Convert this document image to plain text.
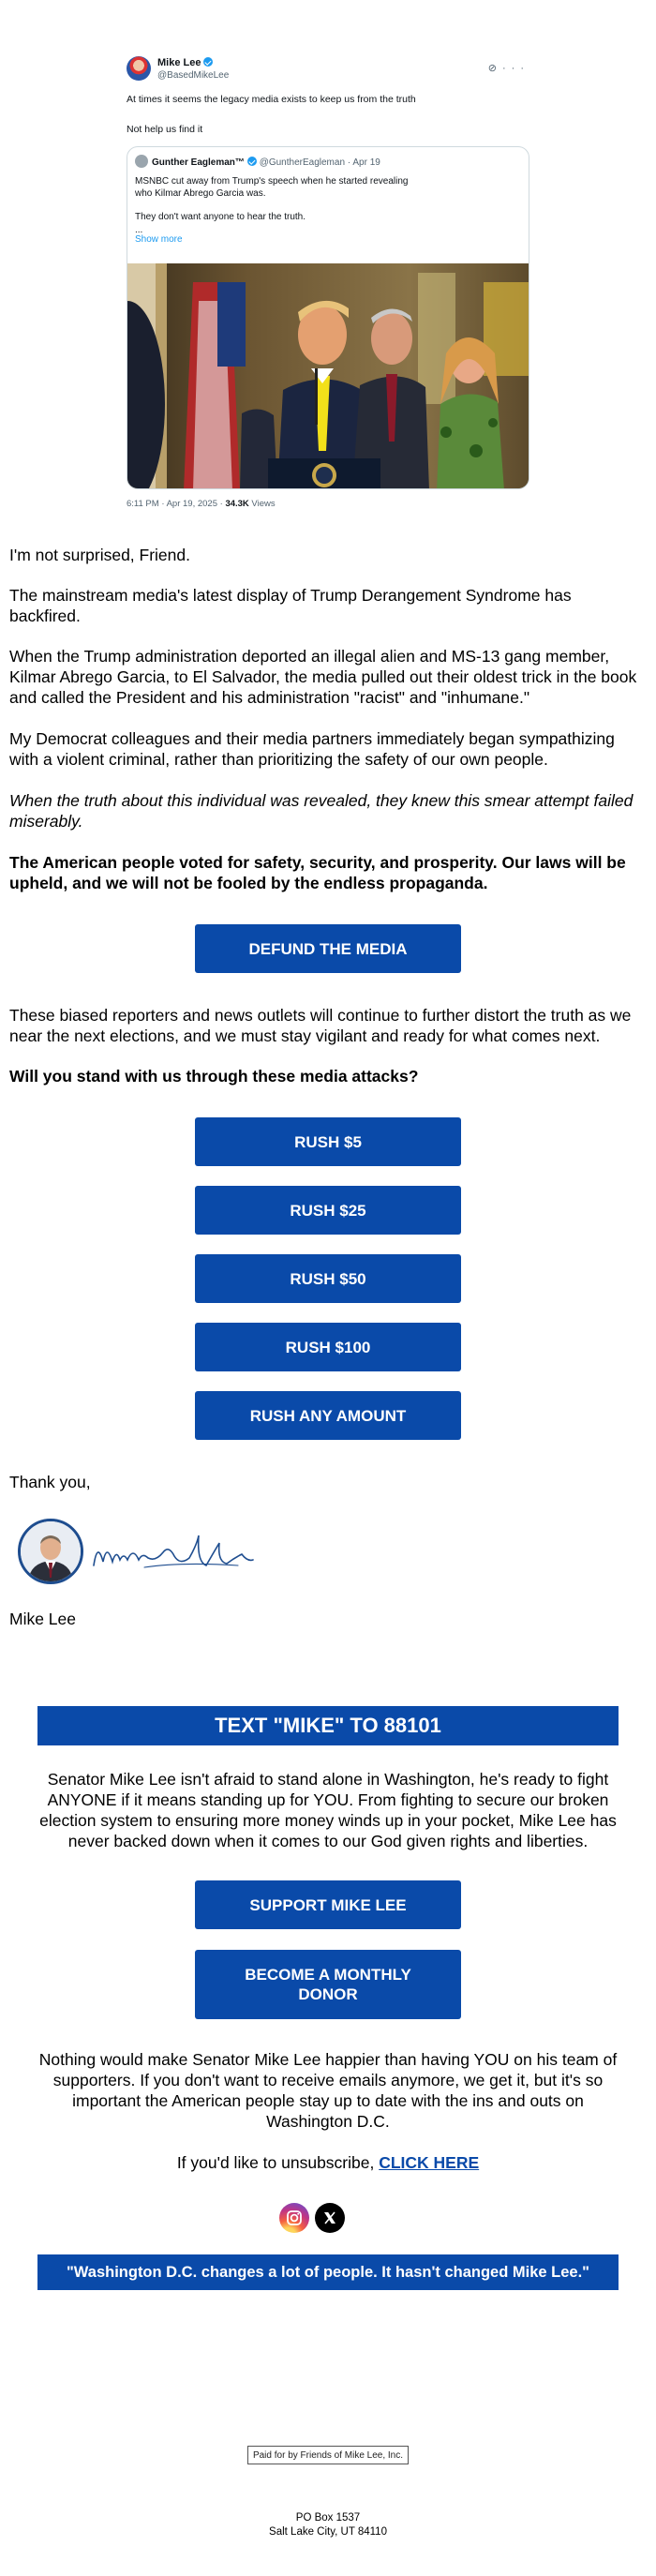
Mike Lee
@BasedMikeLee
⊘···
At times it seems the legacy media exists to keep us from the truth
Not help us find it
Gunther Eagleman™ @GuntherEagleman · Apr 19
MSNBC cut away from Trump's speech when he started revealing who Kilmar Abrego Garcia was.
They don't want anyone to hear the truth.
...
Show more
6:11 PM · Apr 19, 2025 · 34.3K Views
I'm not surprised, Friend.
The mainstream media's latest display of Trump Derangement Syndrome has backfired.
When the Trump administration deported an illegal alien and MS-13 gang member, Kilmar Abrego Garcia, to El Salvador, the media pulled out their oldest trick in the book and called the President and his administration "racist" and "inhumane."
My Democrat colleagues and their media partners immediately began sympathizing with a violent criminal, rather than prioritizing the safety of our own people.
When the truth about this individual was revealed, they knew this smear attempt failed miserably.
The American people voted for safety, security, and prosperity. Our laws will be upheld, and we will not be fooled by the endless propaganda.
DEFUND THE MEDIA
These biased reporters and news outlets will continue to further distort the truth as we near the next elections, and we must stay vigilant and ready for what comes next.
Will you stand with us through these media attacks?
RUSH $5
RUSH $25
RUSH $50
RUSH $100
RUSH ANY AMOUNT
Thank you,
Mike Lee
TEXT "MIKE" TO 88101
Senator Mike Lee isn't afraid to stand alone in Washington, he's ready to fight ANYONE if it means standing up for YOU. From fighting to secure our broken election system to ensuring more money winds up in your pocket, Mike Lee has never backed down when it comes to our God given rights and liberties.
SUPPORT MIKE LEE
BECOME A MONTHLY DONOR
Nothing would make Senator Mike Lee happier than having YOU on his team of supporters. If you don't want to receive emails anymore, we get it, but it's so important the American people stay up to date with the ins and outs on Washington D.C.
If you'd like to unsubscribe, CLICK HERE
"Washington D.C. changes a lot of people. It hasn't changed Mike Lee."
Paid for by Friends of Mike Lee, Inc.
PO Box 1537
Salt Lake City, UT 84110
